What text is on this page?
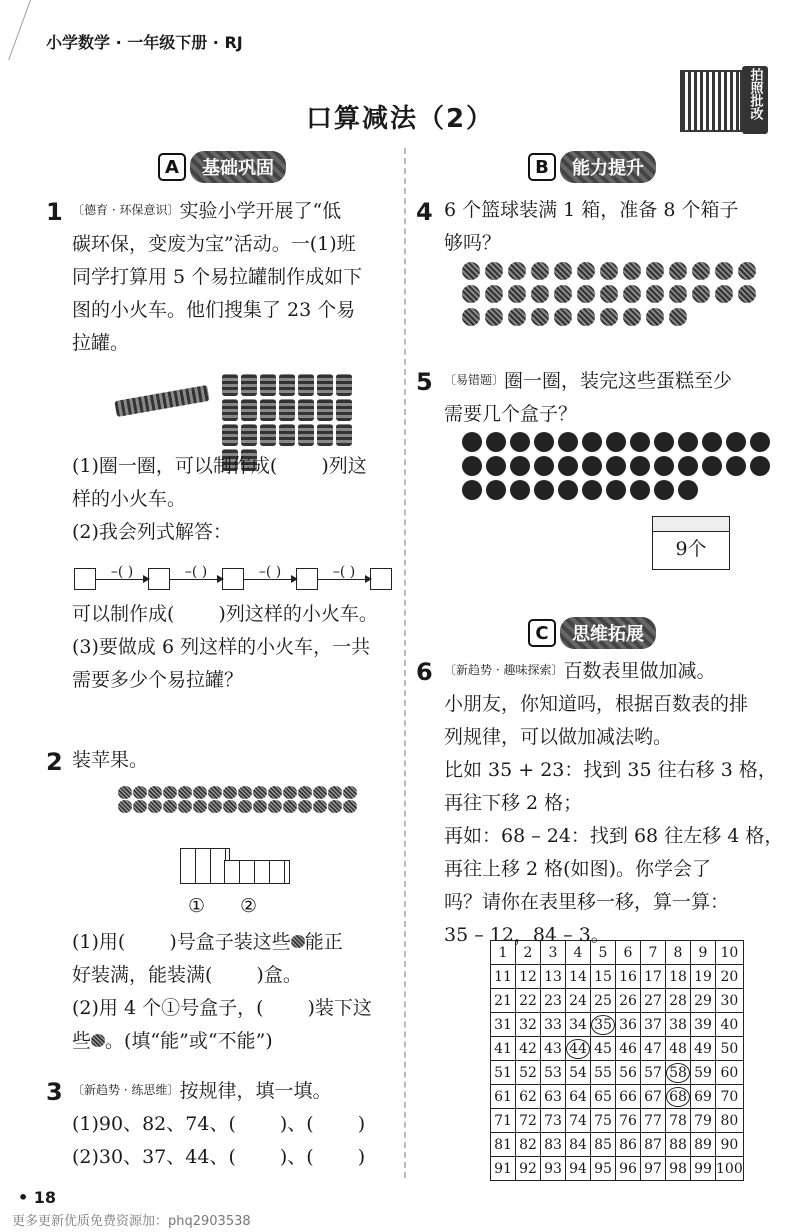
小学数学 · 一年级下册 · RJ
口算减法（2）	拍照批改
A	基础巩固
1 〔德育 · 环保意识〕实验小学开展了“低
碳环保，变废为宝”活动。一(1)班
同学打算用 5 个易拉罐制作成如下
图的小火车。他们搜集了 23 个易
拉罐。
(1)圈一圈，可以制作成( )列这
样的小火车。
(2)我会列式解答：
–( )	–( )	–( )	–( )
可以制作成( )列这样的小火车。
(3)要做成 6 列这样的小火车，一共
需要多少个易拉罐？
2 装苹果。
① ②
(1)用( )号盒子装这些 能正
好装满，能装满( )盒。
(2)用 4 个①号盒子，( )装下这
些 。(填“能”或“不能”)
3 〔新趋势 · 练思维〕按规律，填一填。
(1)90、82、74、( )、( )
(2)30、37、44、( )、( )
B	能力提升
4 6 个篮球装满 1 箱，准备 8 个箱子
够吗？
5 〔易错题〕圈一圈，装完这些蛋糕至少
需要几个盒子？
9个
C	思维拓展
6 〔新趋势 · 趣味探索〕百数表里做加减。
小朋友，你知道吗，根据百数表的排
列规律，可以做加减法哟。
比如 35 + 23：找到 35 往右移 3 格，
再往下移 2 格；
再如：68 – 24：找到 68 往左移 4 格，
再往上移 2 格(如图)。你学会了
吗？请你在表里移一移，算一算：
35 – 12，84 – 3。
1	2	3	4	5	6	7	8	9	10
11	12	13	14	15	16	17	18	19	20
21	22	23	24	25	26	27	28	29	30
31	32	33	34	35	36	37	38	39	40
41	42	43	44	45	46	47	48	49	50
51	52	53	54	55	56	57	58	59	60
61	62	63	64	65	66	67	68	69	70
71	72	73	74	75	76	77	78	79	80
81	82	83	84	85	86	87	88	89	90
91	92	93	94	95	96	97	98	99	100
• 18
更多更新优质免费资源加：phq2903538
